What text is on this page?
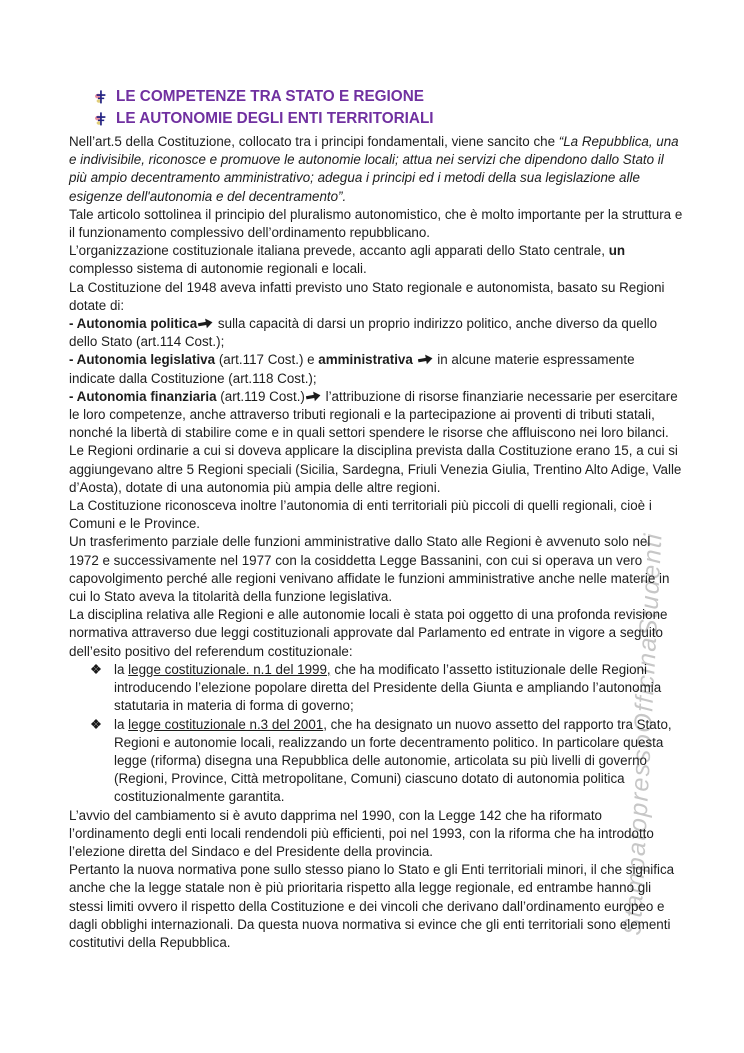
StampatopressoOfficinaStudenti
LE COMPETENZE TRA STATO E REGIONE
LE AUTONOMIE DEGLI ENTI TERRITORIALI
Nell’art.5 della Costituzione, collocato tra i principi fondamentali, viene sancito che “La Repubblica, una e indivisibile, riconosce e promuove le autonomie locali; attua nei servizi che dipendono dallo Stato il più ampio decentramento amministrativo; adegua i principi ed i metodi della sua legislazione alle esigenze dell'autonomia e del decentramento”.
Tale articolo sottolinea il principio del pluralismo autonomistico, che è molto importante per la struttura e il funzionamento complessivo dell’ordinamento repubblicano.
L’organizzazione costituzionale italiana prevede, accanto agli apparati dello Stato centrale, un complesso sistema di autonomie regionali e locali.
La Costituzione del 1948 aveva infatti previsto uno Stato regionale e autonomista, basato su Regioni dotate di:
- Autonomia politica sulla capacità di darsi un proprio indirizzo politico, anche diverso da quello dello Stato (art.114 Cost.);
- Autonomia legislativa (art.117 Cost.) e amministrativa  in alcune materie espressamente indicate dalla Costituzione (art.118 Cost.);
- Autonomia finanziaria (art.119 Cost.) l’attribuzione di risorse finanziarie necessarie per esercitare le loro competenze, anche attraverso tributi regionali e la partecipazione ai proventi di tributi statali, nonché la libertà di stabilire come e in quali settori spendere le risorse che affluiscono nei loro bilanci.
Le Regioni ordinarie a cui si doveva applicare la disciplina prevista dalla Costituzione erano 15, a cui si aggiungevano altre 5 Regioni speciali (Sicilia, Sardegna, Friuli Venezia Giulia, Trentino Alto Adige, Valle d’Aosta), dotate di una autonomia più ampia delle altre regioni.
La Costituzione riconosceva inoltre l’autonomia di enti territoriali più piccoli di quelli regionali, cioè i Comuni e le Province.
Un trasferimento parziale delle funzioni amministrative dallo Stato alle Regioni è avvenuto solo nel 1972 e successivamente nel 1977 con la cosiddetta Legge Bassanini, con cui si operava un vero capovolgimento perché alle regioni venivano affidate le funzioni amministrative anche nelle materie in cui lo Stato aveva la titolarità della funzione legislativa.
La disciplina relativa alle Regioni e alle autonomie locali è stata poi oggetto di una profonda revisione normativa attraverso due leggi costituzionali approvate dal Parlamento ed entrate in vigore a seguito dell’esito positivo del referendum costituzionale:
la legge costituzionale. n.1 del 1999, che ha modificato l’assetto istituzionale delle Regioni introducendo l’elezione popolare diretta del Presidente della Giunta e ampliando l’autonomia statutaria in materia di forma di governo;
la legge costituzionale n.3 del 2001, che ha designato un nuovo assetto del rapporto tra Stato, Regioni e autonomie locali, realizzando un forte decentramento politico. In particolare questa legge (riforma) disegna una Repubblica delle autonomie, articolata su più livelli di governo (Regioni, Province, Città metropolitane, Comuni) ciascuno dotato di autonomia politica costituzionalmente garantita.
L’avvio del cambiamento si è avuto dapprima nel 1990, con la Legge 142 che ha riformato l’ordinamento degli enti locali rendendoli più efficienti, poi nel 1993, con la riforma che ha introdotto l’elezione diretta del Sindaco e del Presidente della provincia.
Pertanto la nuova normativa pone sullo stesso piano lo Stato e gli Enti territoriali minori, il che significa anche che la legge statale non è più prioritaria rispetto alla legge regionale, ed entrambe hanno gli stessi limiti ovvero il rispetto della Costituzione e dei vincoli che derivano dall’ordinamento europeo e dagli obblighi internazionali. Da questa nuova normativa si evince che gli enti territoriali sono elementi costitutivi della Repubblica.
